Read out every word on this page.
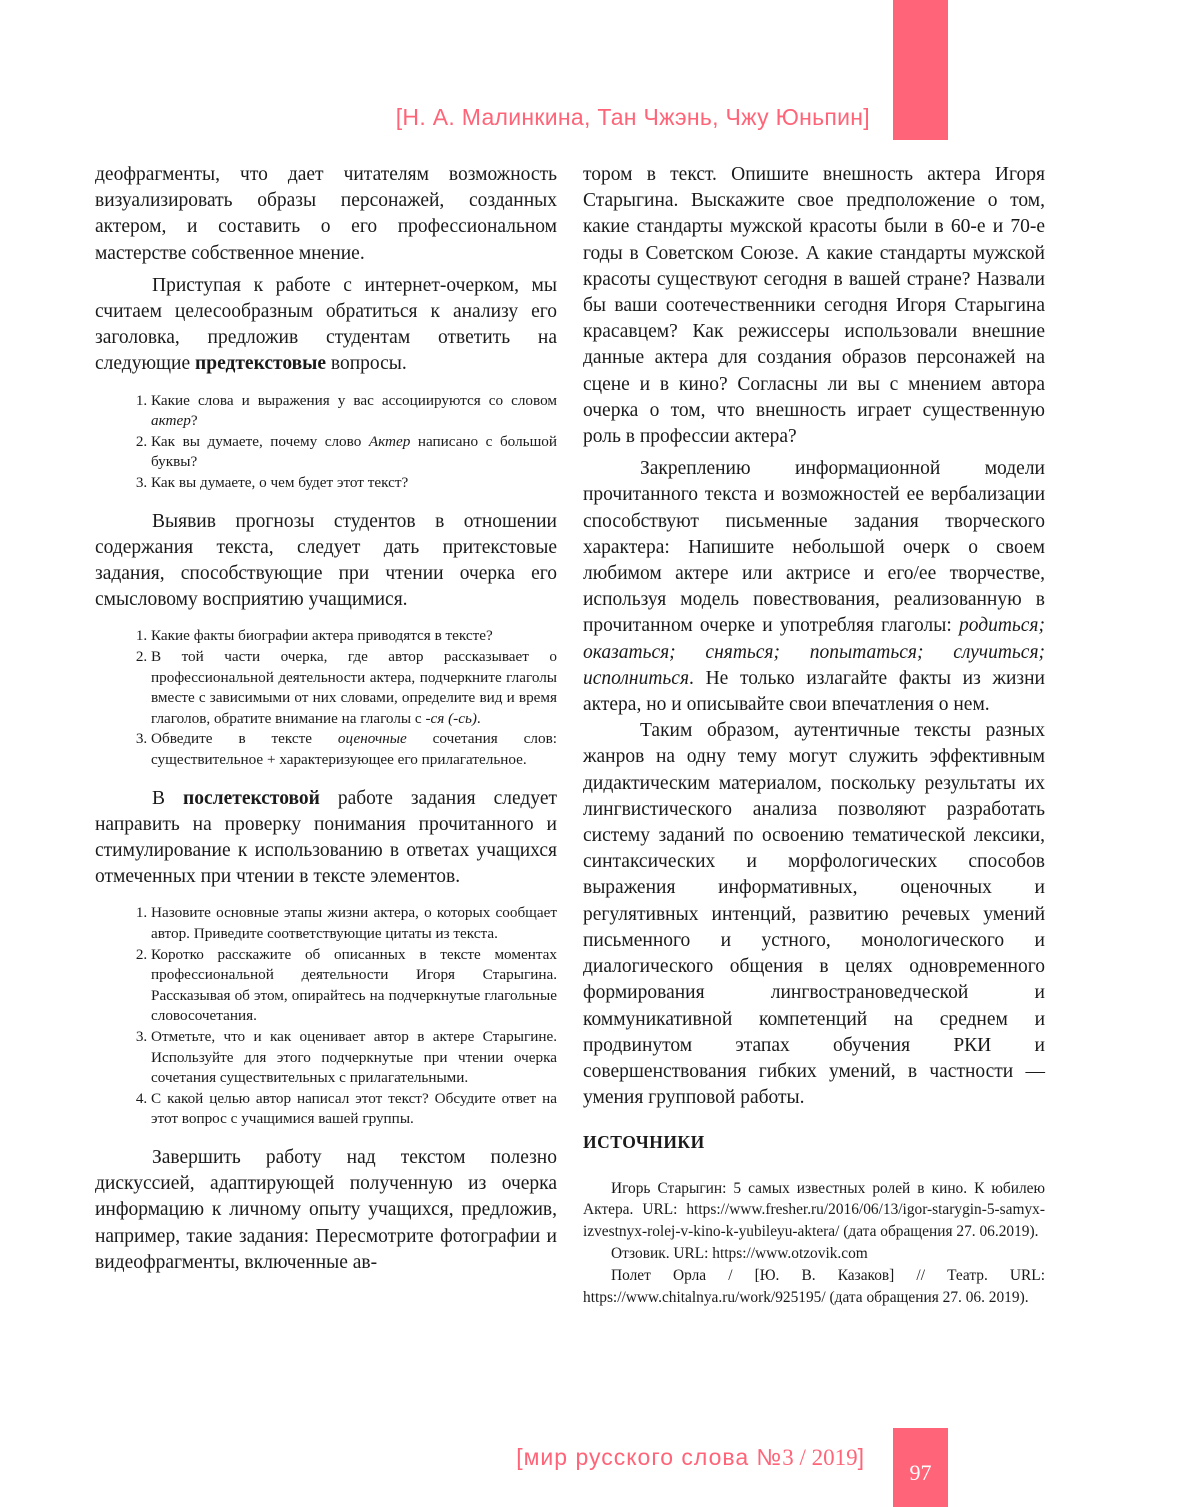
[Н. А. Малинкина, Тан Чжэнь, Чжу Юньпин]

деофрагменты, что дает читателям возможность визуализировать образы персонажей, созданных актером, и составить о его профессиональном мастерстве собственное мнение.

Приступая к работе с интернет-очерком, мы считаем целесообразным обратиться к анализу его заголовка, предложив студентам ответить на следующие предтекстовые вопросы.

1. Какие слова и выражения у вас ассоциируются со словом актер?
2. Как вы думаете, почему слово Актер написано с большой буквы?
3. Как вы думаете, о чем будет этот текст?

Выявив прогнозы студентов в отношении содержания текста, следует дать притекстовые задания, способствующие при чтении очерка его смысловому восприятию учащимися.

1. Какие факты биографии актера приводятся в тексте?
2. В той части очерка, где автор рассказывает о профессиональной деятельности актера, подчеркните глаголы вместе с зависимыми от них словами, определите вид и время глаголов, обратите внимание на глаголы с -ся (-сь).
3. Обведите в тексте оценочные сочетания слов: существительное + характеризующее его прилагательное.

В послетекстовой работе задания следует направить на проверку понимания прочитанного и стимулирование к использованию в ответах учащихся отмеченных при чтении в тексте элементов.

1. Назовите основные этапы жизни актера, о которых сообщает автор. Приведите соответствующие цитаты из текста.
2. Коротко расскажите об описанных в тексте моментах профессиональной деятельности Игоря Старыгина. Рассказывая об этом, опирайтесь на подчеркнутые глагольные словосочетания.
3. Отметьте, что и как оценивает автор в актере Старыгине. Используйте для этого подчеркнутые при чтении очерка сочетания существительных с прилагательными.
4. С какой целью автор написал этот текст? Обсудите ответ на этот вопрос с учащимися вашей группы.

Завершить работу над текстом полезно дискуссией, адаптирующей полученную из очерка информацию к личному опыту учащихся, предложив, например, такие задания: Пересмотрите фотографии и видеофрагменты, включенные ав-

тором в текст. Опишите внешность актера Игоря Старыгина. Выскажите свое предположение о том, какие стандарты мужской красоты были в 60-е и 70-е годы в Советском Союзе. А какие стандарты мужской красоты существуют сегодня в вашей стране? Назвали бы ваши соотечественники сегодня Игоря Старыгина красавцем? Как режиссеры использовали внешние данные актера для создания образов персонажей на сцене и в кино? Согласны ли вы с мнением автора очерка о том, что внешность играет существенную роль в профессии актера?

Закреплению информационной модели прочитанного текста и возможностей ее вербализации способствуют письменные задания творческого характера: Напишите небольшой очерк о своем любимом актере или актрисе и его/ее творчестве, используя модель повествования, реализованную в прочитанном очерке и употребляя глаголы: родиться; оказаться; сняться; попытаться; случиться; исполниться. Не только излагайте факты из жизни актера, но и описывайте свои впечатления о нем.

Таким образом, аутентичные тексты разных жанров на одну тему могут служить эффективным дидактическим материалом, поскольку результаты их лингвистического анализа позволяют разработать систему заданий по освоению тематической лексики, синтаксических и морфологических способов выражения информативных, оценочных и регулятивных интенций, развитию речевых умений письменного и устного, монологического и диалогического общения в целях одновременного формирования лингвострановедческой и коммуникативной компетенций на среднем и продвинутом этапах обучения РКИ и совершенствования гибких умений, в частности — умения групповой работы.

ИСТОЧНИКИ

Игорь Старыгин: 5 самых известных ролей в кино. К юбилею Актера. URL: https://www.fresher.ru/2016/06/13/igor-starygin-5-samyx-izvestnyx-rolej-v-kino-k-yubileyu-aktera/ (дата обращения 27. 06.2019).

Отзовик. URL: https://www.otzovik.com

Полет Орла / [Ю. В. Казаков] // Театр. URL: https://www.chitalnya.ru/work/925195/ (дата обращения 27. 06. 2019).

[мир русского слова №3 / 2019]
97
